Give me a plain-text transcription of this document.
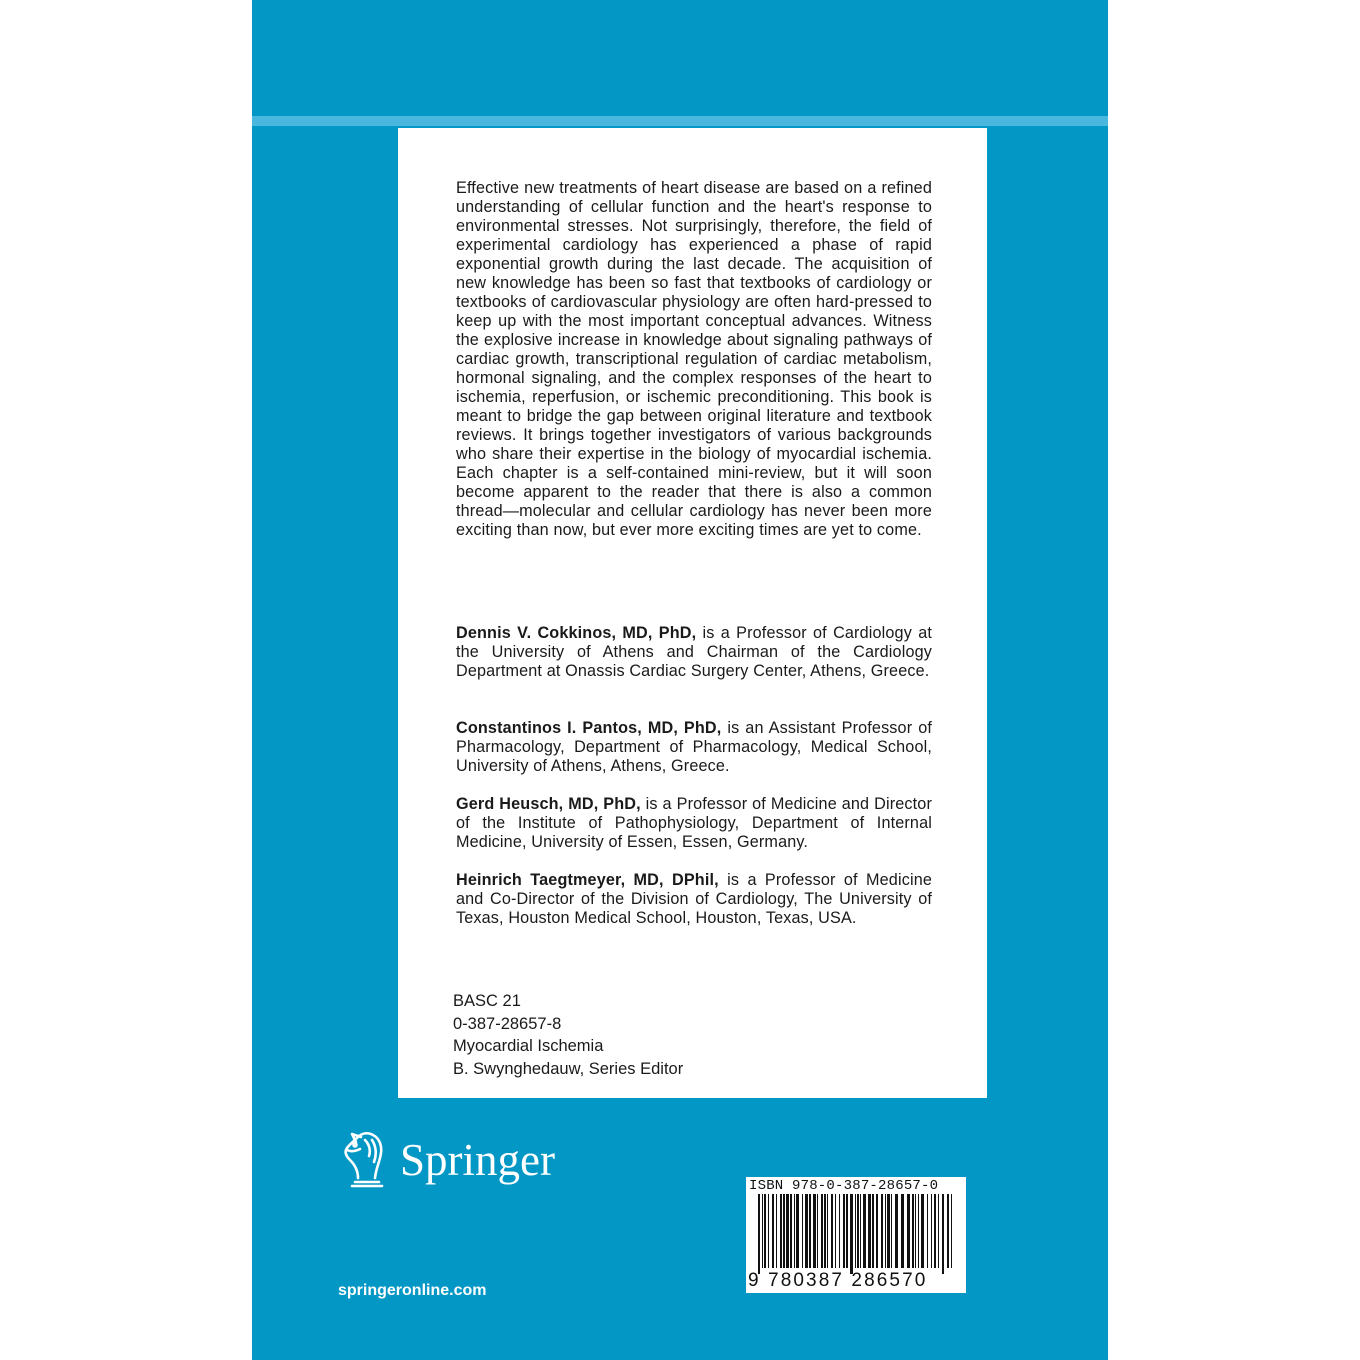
Effective new treatments of heart disease are based on a refined understanding of cellular function and the heart's response to environmental stresses. Not surprisingly, therefore, the field of experimental cardiology has experienced a phase of rapid exponential growth during the last decade. The acquisition of new knowledge has been so fast that textbooks of cardiology or textbooks of cardiovascular physiology are often hard-pressed to keep up with the most important conceptual advances. Witness the explosive increase in knowledge about signaling pathways of cardiac growth, transcriptional regulation of cardiac metabolism, hormonal signaling, and the complex responses of the heart to ischemia, reperfusion, or ischemic preconditioning. This book is meant to bridge the gap between original literature and textbook reviews. It brings together investigators of various backgrounds who share their expertise in the biology of myocardial ischemia. Each chapter is a self-contained mini-review, but it will soon become apparent to the reader that there is also a common thread—molecular and cellular cardiology has never been more exciting than now, but ever more exciting times are yet to come.

Dennis V. Cokkinos, MD, PhD, is a Professor of Cardiology at the University of Athens and Chairman of the Cardiology Department at Onassis Cardiac Surgery Center, Athens, Greece.

Constantinos I. Pantos, MD, PhD, is an Assistant Professor of Pharmacology, Department of Pharmacology, Medical School, University of Athens, Athens, Greece.

Gerd Heusch, MD, PhD, is a Professor of Medicine and Director of the Institute of Pathophysiology, Department of Internal Medicine, University of Essen, Essen, Germany.

Heinrich Taegtmeyer, MD, DPhil, is a Professor of Medicine and Co-Director of the Division of Cardiology, The University of Texas, Houston Medical School, Houston, Texas, USA.

BASC 21
0-387-28657-8
Myocardial Ischemia
B. Swynghedauw, Series Editor
Springer
springeronline.com
ISBN 978-0-387-28657-0
9 780387 286570
